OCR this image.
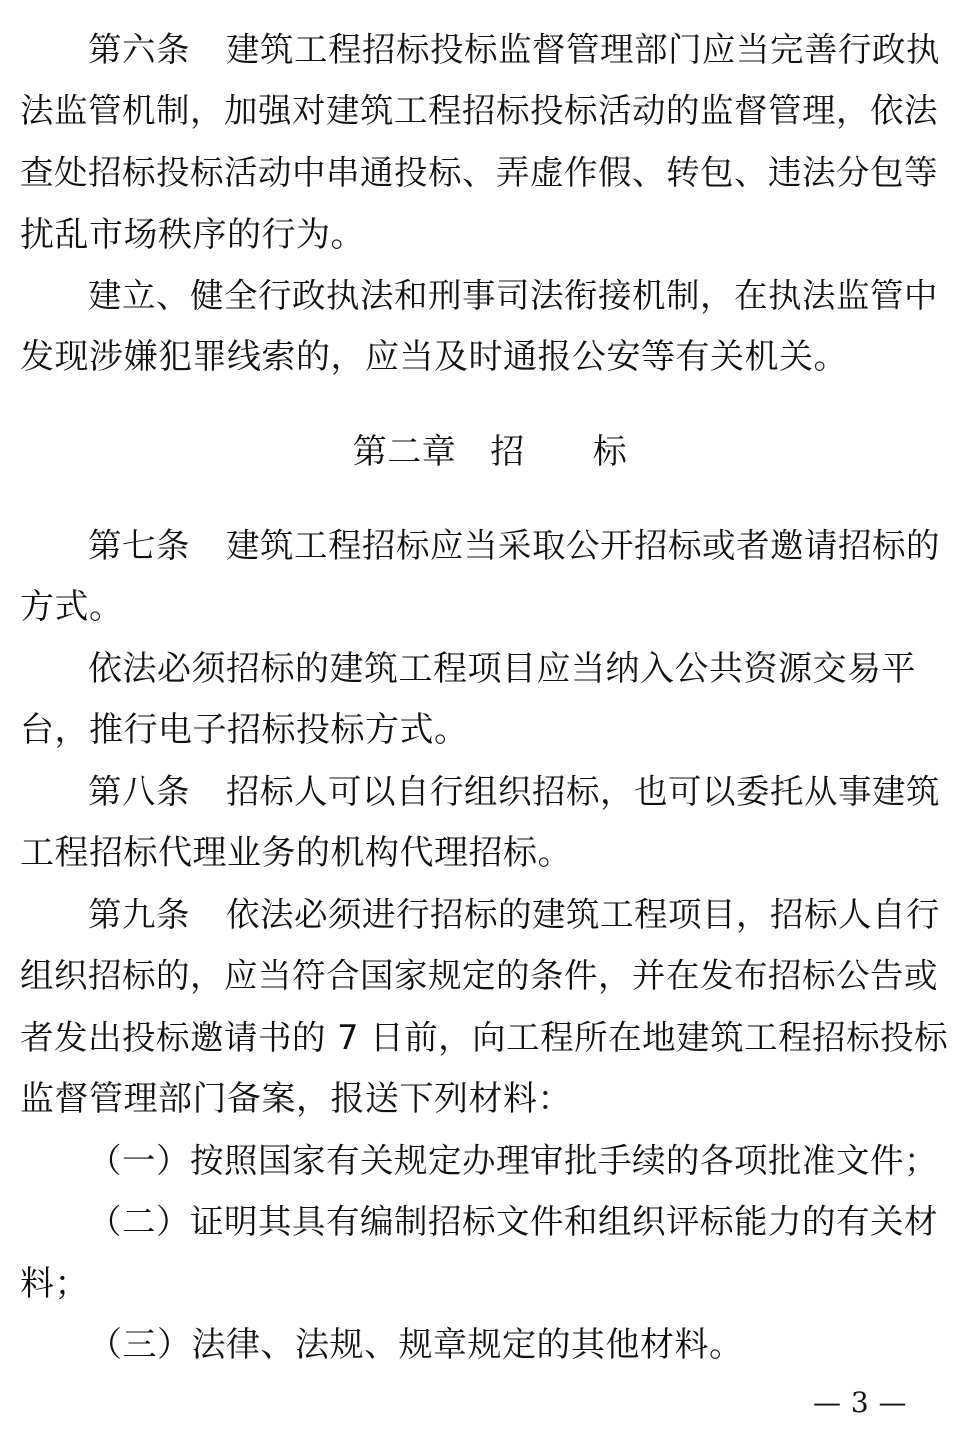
第六条 建筑工程招标投标监督管理部门应当完善行政执
法监管机制，加强对建筑工程招标投标活动的监督管理，依法
查处招标投标活动中串通投标、弄虚作假、转包、违法分包等
扰乱市场秩序的行为。
建立、健全行政执法和刑事司法衔接机制，在执法监管中
发现涉嫌犯罪线索的，应当及时通报公安等有关机关。
第二章 招 标
第七条 建筑工程招标应当采取公开招标或者邀请招标的
方式。
依法必须招标的建筑工程项目应当纳入公共资源交易平
台，推行电子招标投标方式。
第八条 招标人可以自行组织招标，也可以委托从事建筑
工程招标代理业务的机构代理招标。
第九条 依法必须进行招标的建筑工程项目，招标人自行
组织招标的，应当符合国家规定的条件，并在发布招标公告或
者发出投标邀请书的 7 日前，向工程所在地建筑工程招标投标
监督管理部门备案，报送下列材料：
（一）按照国家有关规定办理审批手续的各项批准文件；
（二）证明其具有编制招标文件和组织评标能力的有关材
料；
（三）法律、法规、规章规定的其他材料。
— 3 —
